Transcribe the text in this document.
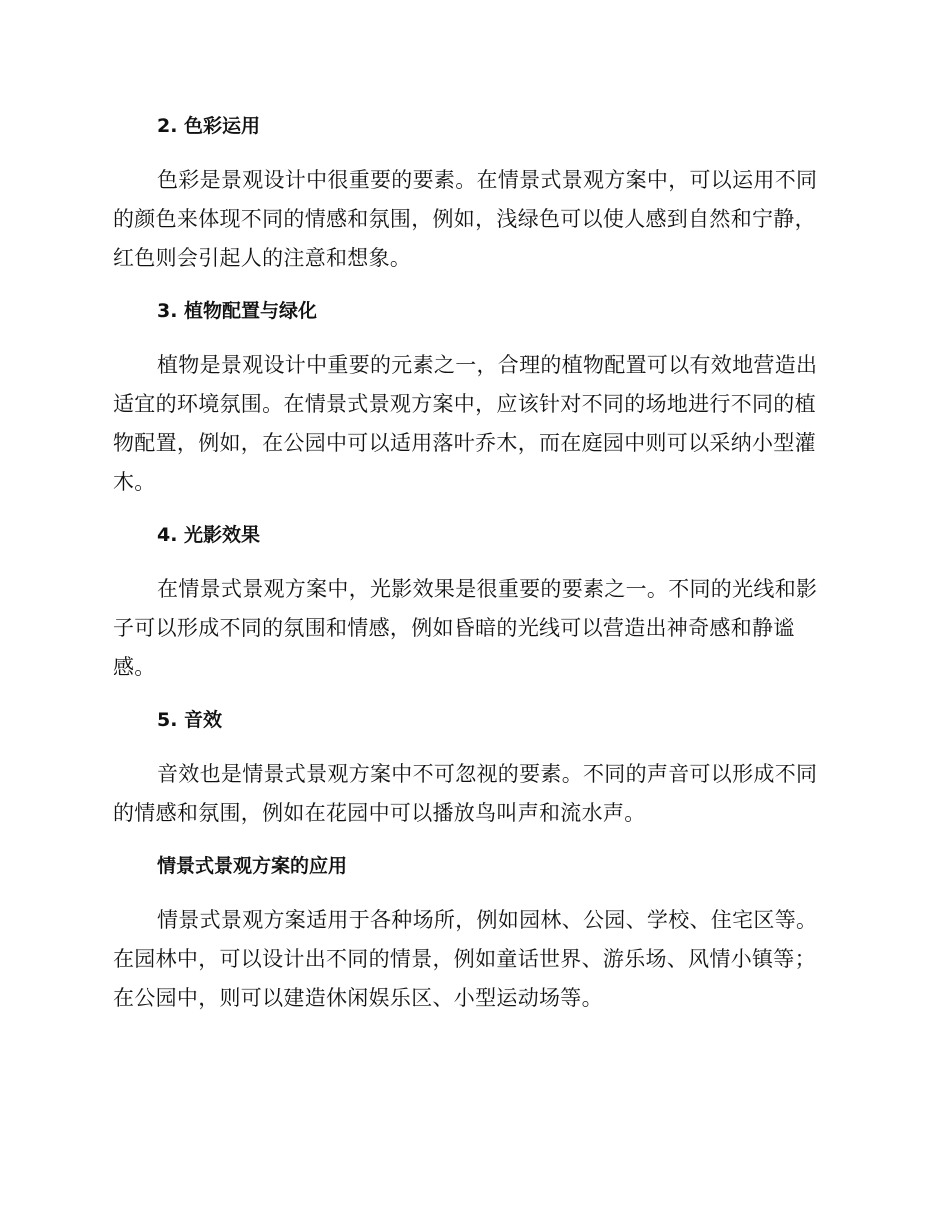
2. 色彩运用

色彩是景观设计中很重要的要素。在情景式景观方案中，可以运用不同的颜色来体现不同的情感和氛围，例如，浅绿色可以使人感到自然和宁静，红色则会引起人的注意和想象。

3. 植物配置与绿化

植物是景观设计中重要的元素之一，合理的植物配置可以有效地营造出适宜的环境氛围。在情景式景观方案中，应该针对不同的场地进行不同的植物配置，例如，在公园中可以适用落叶乔木，而在庭园中则可以采纳小型灌木。

4. 光影效果

在情景式景观方案中，光影效果是很重要的要素之一。不同的光线和影子可以形成不同的氛围和情感，例如昏暗的光线可以营造出神奇感和静谧感。

5. 音效

音效也是情景式景观方案中不可忽视的要素。不同的声音可以形成不同的情感和氛围，例如在花园中可以播放鸟叫声和流水声。

情景式景观方案的应用

情景式景观方案适用于各种场所，例如园林、公园、学校、住宅区等。在园林中，可以设计出不同的情景，例如童话世界、游乐场、风情小镇等；在公园中，则可以建造休闲娱乐区、小型运动场等。
